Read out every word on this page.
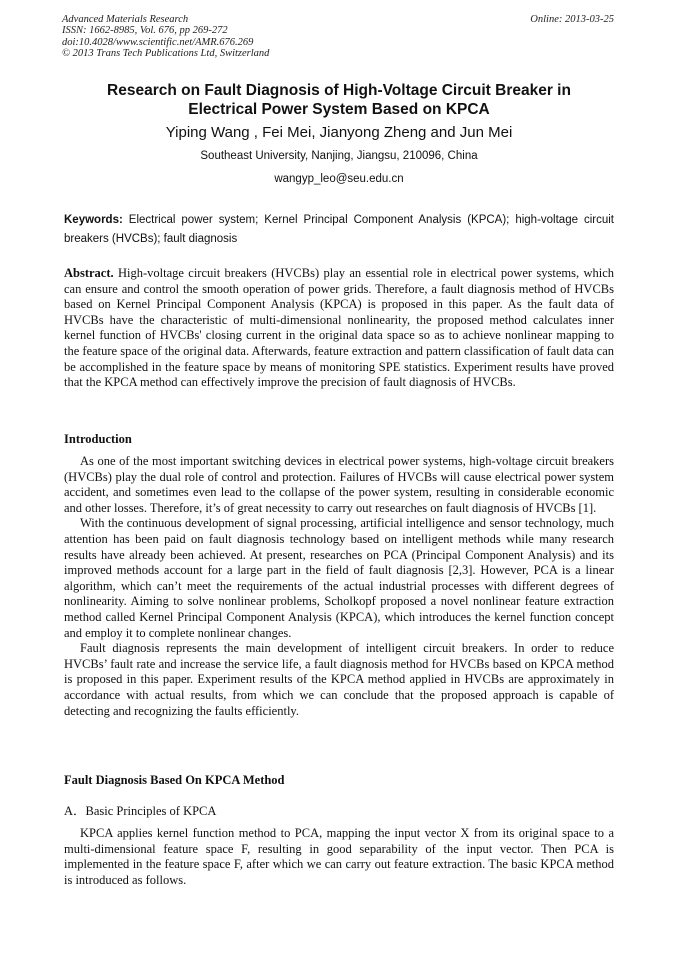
Advanced Materials Research
ISSN: 1662-8985, Vol. 676, pp 269-272
doi:10.4028/www.scientific.net/AMR.676.269
© 2013 Trans Tech Publications Ltd, Switzerland
Online: 2013-03-25
Research on Fault Diagnosis of High-Voltage Circuit Breaker in
Electrical Power System Based on KPCA
Yiping Wang , Fei Mei, Jianyong Zheng and Jun Mei
Southeast University, Nanjing, Jiangsu, 210096, China
wangyp_leo@seu.edu.cn
Keywords: Electrical power system; Kernel Principal Component Analysis (KPCA); high-voltage circuit breakers (HVCBs); fault diagnosis
Abstract. High-voltage circuit breakers (HVCBs) play an essential role in electrical power systems, which can ensure and control the smooth operation of power grids. Therefore, a fault diagnosis method of HVCBs based on Kernel Principal Component Analysis (KPCA) is proposed in this paper. As the fault data of HVCBs have the characteristic of multi-dimensional nonlinearity, the proposed method calculates inner kernel function of HVCBs' closing current in the original data space so as to achieve nonlinear mapping to the feature space of the original data. Afterwards, feature extraction and pattern classification of fault data can be accomplished in the feature space by means of monitoring SPE statistics. Experiment results have proved that the KPCA method can effectively improve the precision of fault diagnosis of HVCBs.
Introduction

As one of the most important switching devices in electrical power systems, high-voltage circuit breakers (HVCBs) play the dual role of control and protection. Failures of HVCBs will cause electrical power system accident, and sometimes even lead to the collapse of the power system, resulting in considerable economic and other losses. Therefore, it’s of great necessity to carry out researches on fault diagnosis of HVCBs [1].

With the continuous development of signal processing, artificial intelligence and sensor technology, much attention has been paid on fault diagnosis technology based on intelligent methods while many research results have already been achieved. At present, researches on PCA (Principal Component Analysis) and its improved methods account for a large part in the field of fault diagnosis [2,3]. However, PCA is a linear algorithm, which can’t meet the requirements of the actual industrial processes with different degrees of nonlinearity. Aiming to solve nonlinear problems, Scholkopf proposed a novel nonlinear feature extraction method called Kernel Principal Component Analysis (KPCA), which introduces the kernel function concept and employ it to complete nonlinear changes.

Fault diagnosis represents the main development of intelligent circuit breakers. In order to reduce HVCBs’ fault rate and increase the service life, a fault diagnosis method for HVCBs based on KPCA method is proposed in this paper. Experiment results of the KPCA method applied in HVCBs are approximately in accordance with actual results, from which we can conclude that the proposed approach is capable of detecting and recognizing the faults efficiently.

Fault Diagnosis Based On KPCA Method
A．Basic Principles of KPCA

KPCA applies kernel function method to PCA, mapping the input vector X from its original space to a multi-dimensional feature space F, resulting in good separability of the input vector. Then PCA is implemented in the feature space F, after which we can carry out feature extraction. The basic KPCA method is introduced as follows.
